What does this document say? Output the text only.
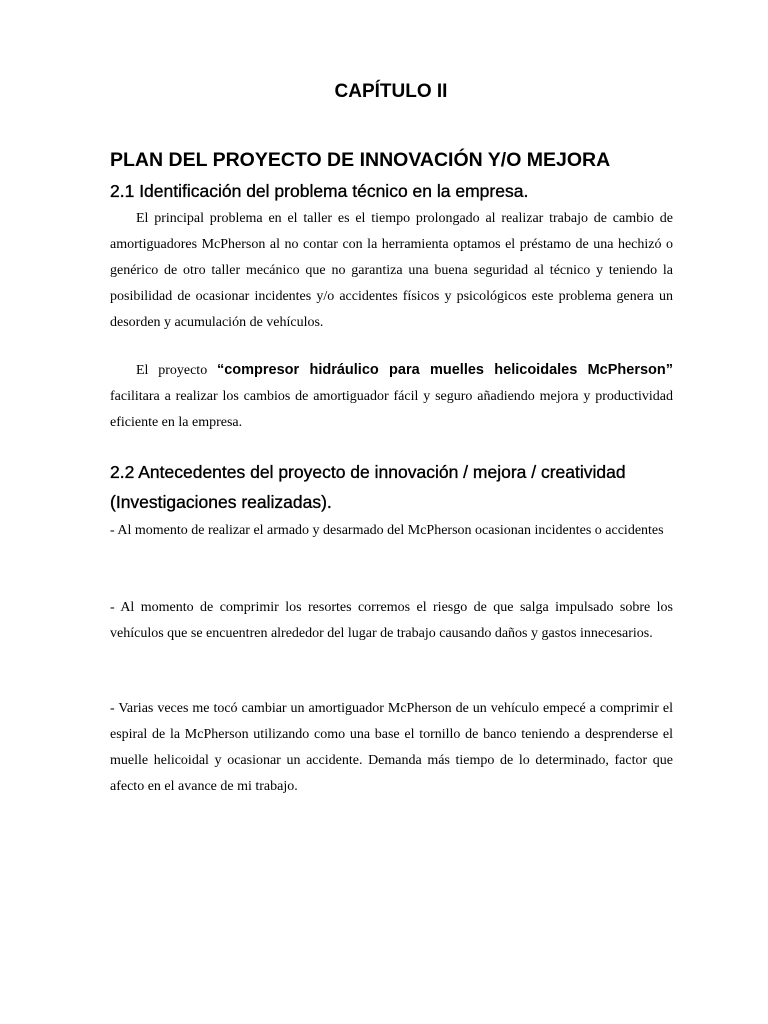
CAPÍTULO II
PLAN DEL PROYECTO DE INNOVACIÓN Y/O MEJORA
2.1 Identificación del problema técnico en la empresa.

El principal problema en el taller es el tiempo prolongado al realizar trabajo de cambio de amortiguadores McPherson al no contar con la herramienta optamos el préstamo de una hechizó o genérico de otro taller mecánico que no garantiza una buena seguridad al técnico y teniendo la posibilidad de ocasionar incidentes y/o accidentes físicos y psicológicos este problema genera un desorden y acumulación de vehículos.

El proyecto “compresor hidráulico para muelles helicoidales McPherson” facilitara a realizar los cambios de amortiguador fácil y seguro añadiendo mejora y productividad eficiente en la empresa.

2.2 Antecedentes del proyecto de innovación / mejora / creatividad (Investigaciones realizadas).

- Al momento de realizar el armado y desarmado del McPherson ocasionan incidentes o accidentes

- Al momento de comprimir los resortes corremos el riesgo de que salga impulsado sobre los vehículos que se encuentren alrededor del lugar de trabajo causando daños y gastos innecesarios.

- Varias veces me tocó cambiar un amortiguador McPherson de un vehículo empecé a comprimir el espiral de la McPherson utilizando como una base el tornillo de banco teniendo a desprenderse el muelle helicoidal y ocasionar un accidente. Demanda más tiempo de lo determinado, factor que afecto en el avance de mi trabajo.
